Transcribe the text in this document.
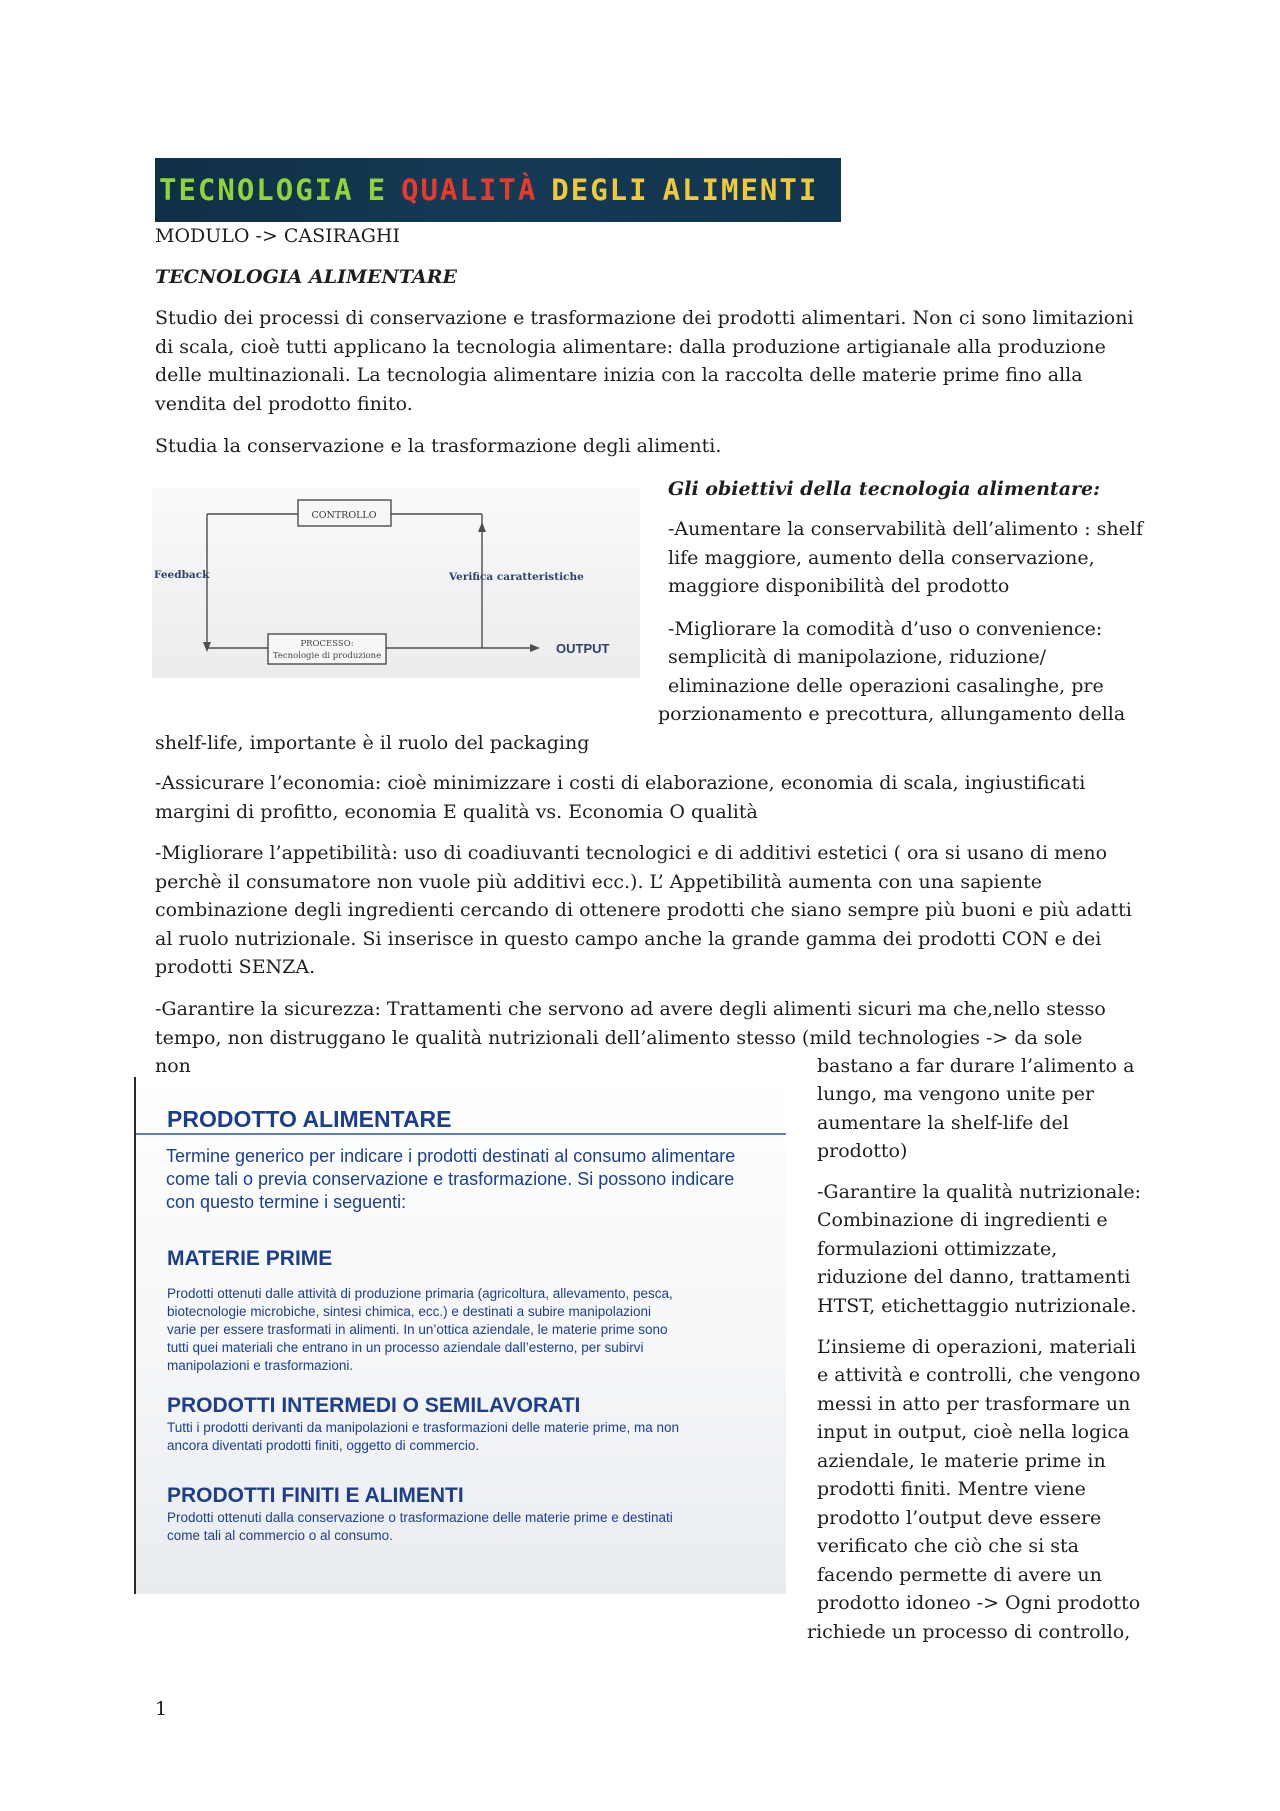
TECNOLOGIA E QUALITÀ DEGLI ALIMENTI
MODULO -> CASIRAGHI
TECNOLOGIA ALIMENTARE

Studio dei processi di conservazione e trasformazione dei prodotti alimentari. Non ci sono limitazioni di scala, cioè tutti applicano la tecnologia alimentare: dalla produzione artigianale alla produzione delle multinazionali. La tecnologia alimentare inizia con la raccolta delle materie prime fino alla vendita del prodotto finito.

Studia la conservazione e la trasformazione degli alimenti.
CONTROLLO
Feedback	Verifica caratteristiche
PROCESSO:
Tecnologie di produzione	OUTPUT
Gli obiettivi della tecnologia alimentare:

-Aumentare la conservabilità dell’alimento : shelf life maggiore, aumento della conservazione, maggiore disponibilità del prodotto

-Migliorare la comodità d’uso o convenience:
semplicità di manipolazione, riduzione/
eliminazione delle operazioni casalinghe, pre
porzionamento e precottura, allungamento della
shelf-life, importante è il ruolo del packaging

-Assicurare l’economia: cioè minimizzare i costi di elaborazione, economia di scala, ingiustificati margini di profitto, economia E qualità vs. Economia O qualità

-Migliorare l’appetibilità: uso di coadiuvanti tecnologici e di additivi estetici ( ora si usano di meno perchè il consumatore non vuole più additivi ecc.). L’ Appetibilità aumenta con una sapiente combinazione degli ingredienti cercando di ottenere prodotti che siano sempre più buoni e più adatti al ruolo nutrizionale. Si inserisce in questo campo anche la grande gamma dei prodotti CON e dei prodotti SENZA.

-Garantire la sicurezza: Trattamenti che servono ad avere degli alimenti sicuri ma che,nello stesso tempo, non distruggano le qualità nutrizionali dell’alimento stesso (mild technologies -> da sole non	bastano a far durare l’alimento a
lungo, ma vengono unite per
aumentare la shelf-life del
prodotto)
-Garantire la qualità nutrizionale:
Combinazione di ingredienti e
formulazioni ottimizzate,
riduzione del danno, trattamenti
HTST, etichettaggio nutrizionale.
L’insieme di operazioni, materiali
e attività e controlli, che vengono
messi in atto per trasformare un
input in output, cioè nella logica
aziendale, le materie prime in
prodotti finiti. Mentre viene
prodotto l’output deve essere
verificato che ciò che si sta
facendo permette di avere un
prodotto idoneo -> Ogni prodotto
richiede un processo di controllo,
PRODOTTO ALIMENTARE
Termine generico per indicare i prodotti destinati al consumo alimentare
come tali o previa conservazione e trasformazione. Si possono indicare
con questo termine i seguenti:
MATERIE PRIME
Prodotti ottenuti dalle attività di produzione primaria (agricoltura, allevamento, pesca,
biotecnologie microbiche, sintesi chimica, ecc.) e destinati a subire manipolazioni
varie per essere trasformati in alimenti. In un’ottica aziendale, le materie prime sono
tutti quei materiali che entrano in un processo aziendale dall’esterno, per subirvi
manipolazioni e trasformazioni.
PRODOTTI INTERMEDI O SEMILAVORATI
Tutti i prodotti derivanti da manipolazioni e trasformazioni delle materie prime, ma non
ancora diventati prodotti finiti, oggetto di commercio.
PRODOTTI FINITI E ALIMENTI
Prodotti ottenuti dalla conservazione o trasformazione delle materie prime e destinati
come tali al commercio o al consumo.
1
